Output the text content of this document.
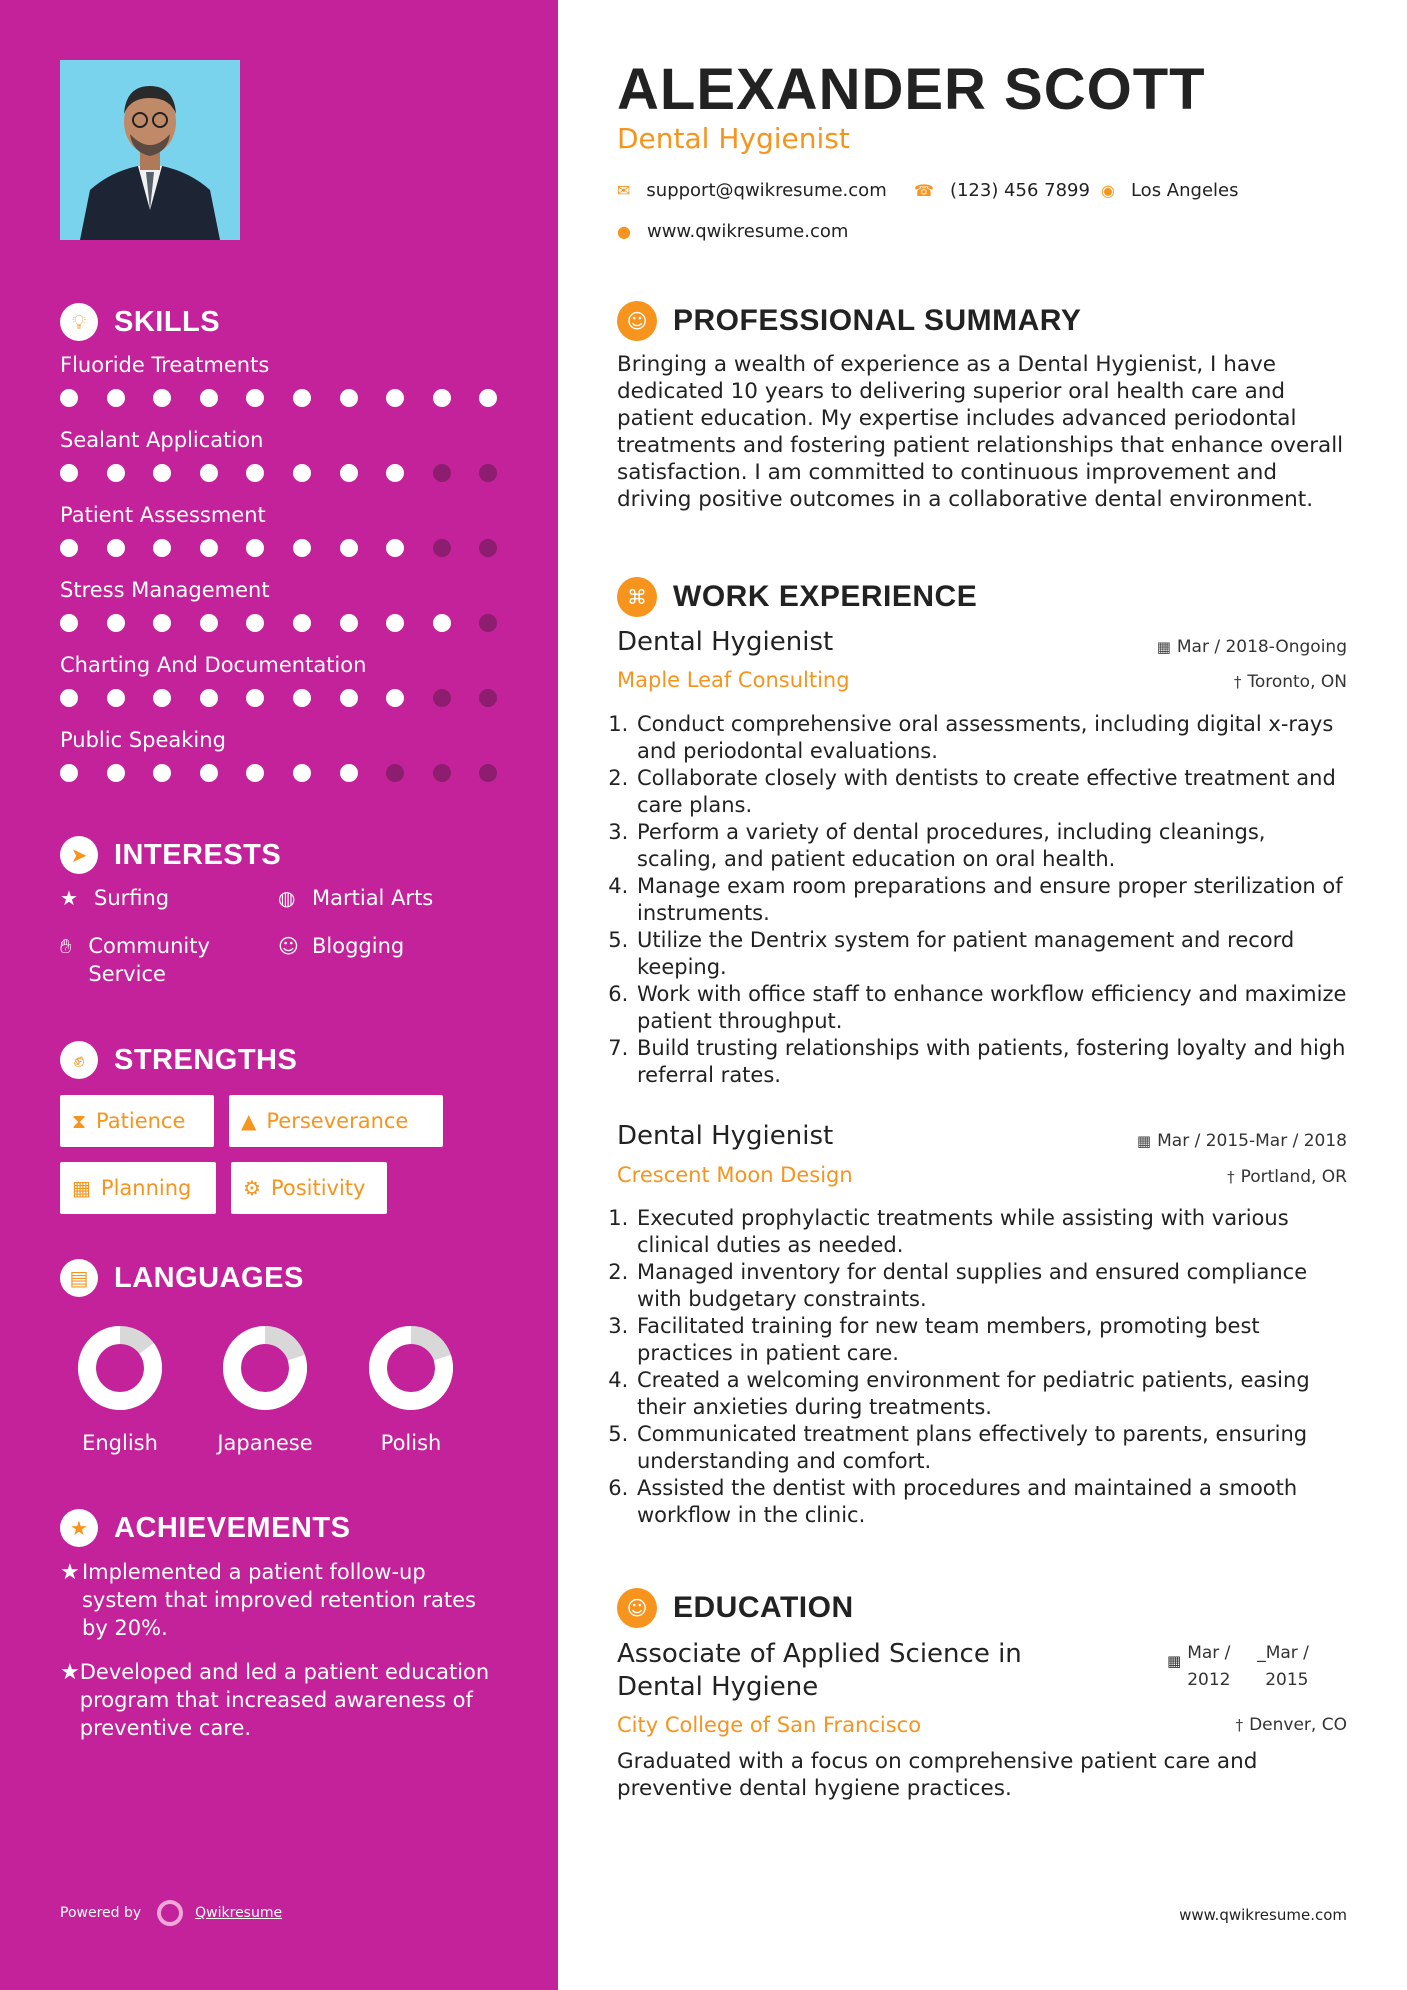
💡︎ SKILLS
Fluoride Treatments
Sealant Application
Patient Assessment
Stress Management
Charting And Documentation
Public Speaking
➤ INTERESTS
★ Surfing	◍ Martial Arts
✋︎ Community Service
☺ Blogging
✊︎	STRENGTHS
⧗ Patience	▲ Perseverance
▦ Planning	⚙ Positivity
▤ LANGUAGES
English	Japanese	Polish
★ ACHIEVEMENTS
★ Implemented a patient follow-up system that improved retention rates by 20%.
★ Developed and led a patient education program that increased awareness of preventive care.
Powered by	Qwikresume
ALEXANDER SCOTT
Dental Hygienist
✉ support@qwikresume.com ☎ (123) 456 7899 ◉ Los Angeles
● www.qwikresume.com
☺ PROFESSIONAL SUMMARY
Bringing a wealth of experience as a Dental Hygienist, I have dedicated 10 years to delivering superior oral health care and patient education. My expertise includes advanced periodontal treatments and fostering patient relationships that enhance overall satisfaction. I am committed to continuous improvement and driving positive outcomes in a collaborative dental environment.
⌘ WORK EXPERIENCE
Dental Hygienist	▦ Mar / 2018-Ongoing
Maple Leaf Consulting	† Toronto, ON
1. Conduct comprehensive oral assessments, including digital x-rays and periodontal evaluations.
2. Collaborate closely with dentists to create effective treatment and care plans.
3. Perform a variety of dental procedures, including cleanings, scaling, and patient education on oral health.
4. Manage exam room preparations and ensure proper sterilization of instruments.
5. Utilize the Dentrix system for patient management and record keeping.
6. Work with office staff to enhance workflow efficiency and maximize patient throughput.
7. Build trusting relationships with patients, fostering loyalty and high referral rates.
Dental Hygienist	▦ Mar / 2015-Mar / 2018
Crescent Moon Design	† Portland, OR
1. Executed prophylactic treatments while assisting with various clinical duties as needed.
2. Managed inventory for dental supplies and ensured compliance with budgetary constraints.
3. Facilitated training for new team members, promoting best practices in patient care.
4. Created a welcoming environment for pediatric patients, easing their anxieties during treatments.
5. Communicated treatment plans effectively to parents, ensuring understanding and comfort.
6. Assisted the dentist with procedures and maintained a smooth workflow in the clinic.
☺ EDUCATION
Associate of Applied Science in
Dental Hygiene
▦ Mar /
2012
_Mar /
2015
City College of San Francisco	† Denver, CO
Graduated with a focus on comprehensive patient care and preventive dental hygiene practices.
www.qwikresume.com
